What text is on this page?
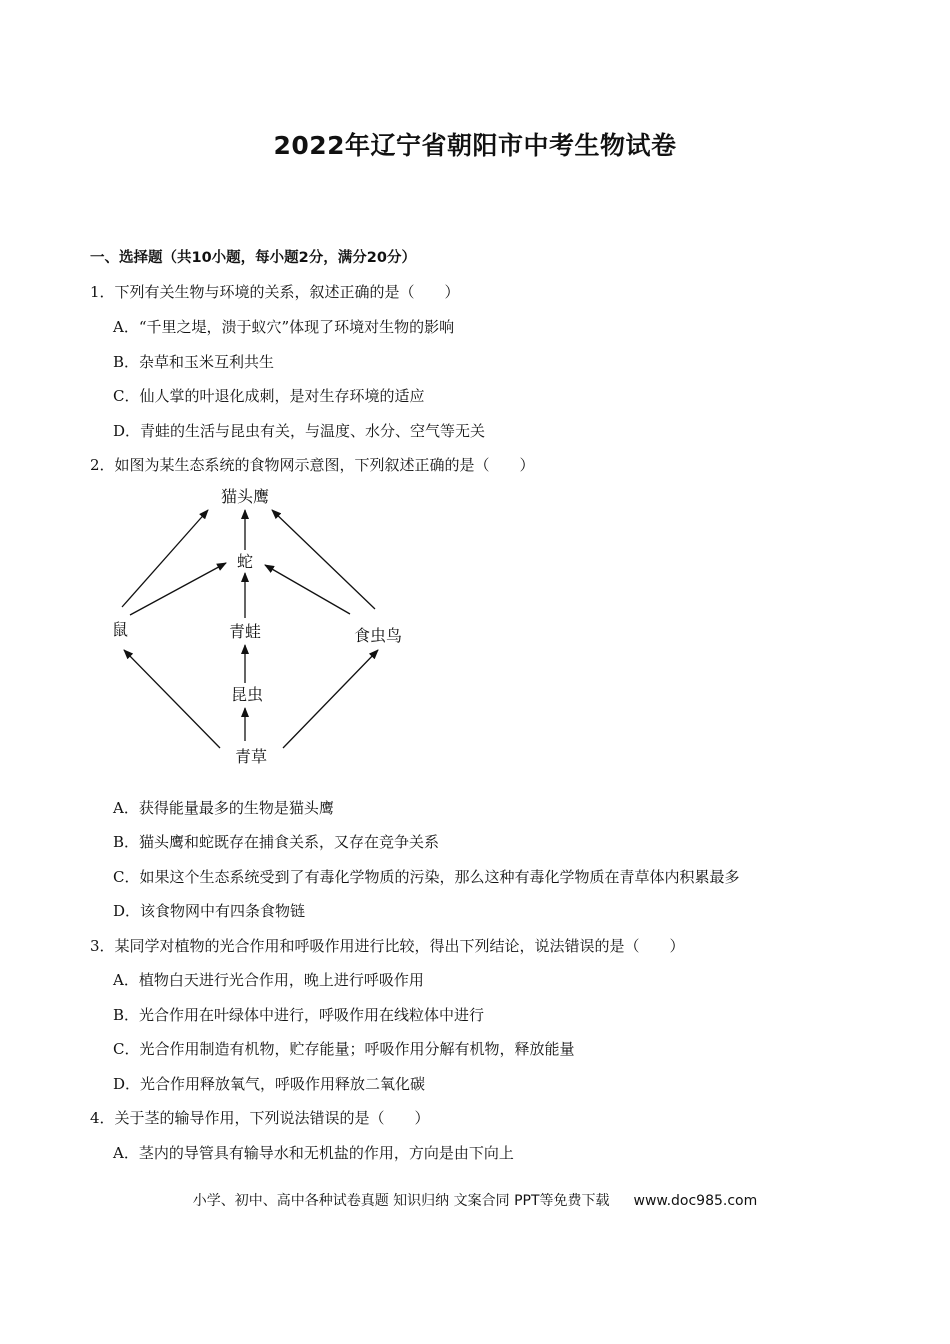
2022年辽宁省朝阳市中考生物试卷
一、选择题（共10小题，每小题2分，满分20分）
1．下列有关生物与环境的关系，叙述正确的是（　　）
A．“千里之堤，溃于蚁穴”体现了环境对生物的影响
B．杂草和玉米互利共生
C．仙人掌的叶退化成刺，是对生存环境的适应
D．青蛙的生活与昆虫有关，与温度、水分、空气等无关
2．如图为某生态系统的食物网示意图，下列叙述正确的是（　　）
猫头鹰
蛇
鼠	青蛙	食虫鸟
昆虫
青草
A．获得能量最多的生物是猫头鹰
B．猫头鹰和蛇既存在捕食关系，又存在竞争关系
C．如果这个生态系统受到了有毒化学物质的污染，那么这种有毒化学物质在青草体内积累最多
D．该食物网中有四条食物链
3．某同学对植物的光合作用和呼吸作用进行比较，得出下列结论，说法错误的是（　　）
A．植物白天进行光合作用，晚上进行呼吸作用
B．光合作用在叶绿体中进行，呼吸作用在线粒体中进行
C．光合作用制造有机物，贮存能量；呼吸作用分解有机物，释放能量
D．光合作用释放氧气，呼吸作用释放二氧化碳
4．关于茎的输导作用，下列说法错误的是（　　）
A．茎内的导管具有输导水和无机盐的作用，方向是由下向上
小学、初中、高中各种试卷真题 知识归纳 文案合同 PPT等免费下载 www.doc985.com
